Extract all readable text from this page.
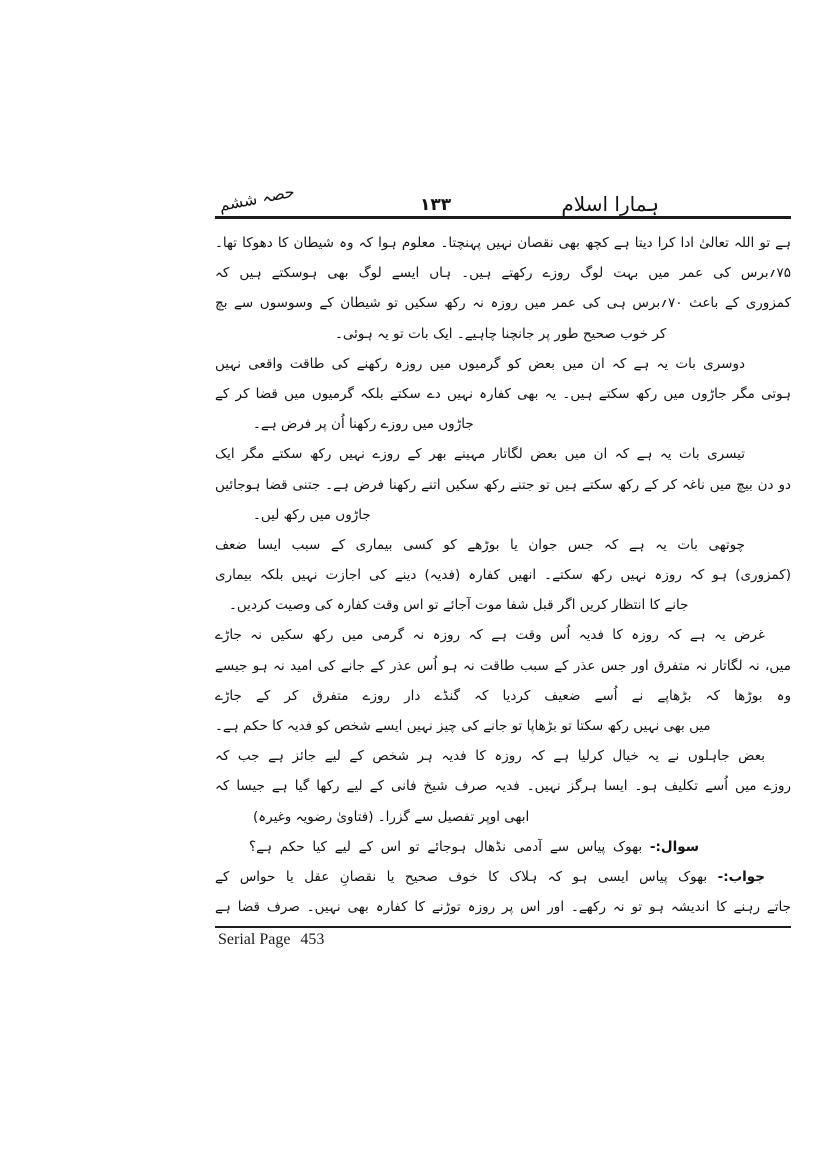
حصہ ششم	۱۳۳	ہمارا اسلام
ہے تو اللہ تعالیٰ ادا کرا دیتا ہے کچھ بھی نقصان نہیں پہنچتا۔ معلوم ہوا کہ وہ شیطان کا دھوکا تھا۔
۷۵؍برس کی عمر میں بہت لوگ روزے رکھتے ہیں۔ ہاں ایسے لوگ بھی ہوسکتے ہیں کہ
کمزوری کے باعث ۷۰؍برس ہی کی عمر میں روزہ نہ رکھ سکیں تو شیطان کے وسوسوں سے بچ
کر خوب صحیح طور پر جانچنا چاہیے۔ ایک بات تو یہ ہوئی۔
دوسری بات یہ ہے کہ ان میں بعض کو گرمیوں میں روزہ رکھنے کی طاقت واقعی نہیں
ہوتی مگر جاڑوں میں رکھ سکتے ہیں۔ یہ بھی کفارہ نہیں دے سکتے بلکہ گرمیوں میں قضا کر کے
جاڑوں میں روزے رکھنا اُن پر فرض ہے۔
تیسری بات یہ ہے کہ ان میں بعض لگاتار مہینے بھر کے روزے نہیں رکھ سکتے مگر ایک
دو دن بیچ میں ناغہ کر کے رکھ سکتے ہیں تو جتنے رکھ سکیں اتنے رکھنا فرض ہے۔ جتنی قضا ہوجائیں
جاڑوں میں رکھ لیں۔
چوتھی بات یہ ہے کہ جس جوان یا بوڑھے کو کسی بیماری کے سبب ایسا ضعف
(کمزوری) ہو کہ روزہ نہیں رکھ سکتے۔ انھیں کفارہ (فدیہ) دینے کی اجازت نہیں بلکہ بیماری
جانے کا انتظار کریں اگر قبل شفا موت آجائے تو اس وقت کفارہ کی وصیت کردیں۔
غرض یہ ہے کہ روزہ کا فدیہ اُس وقت ہے کہ روزہ نہ گرمی میں رکھ سکیں نہ جاڑے
میں، نہ لگاتار نہ متفرق اور جس عذر کے سبب طاقت نہ ہو اُس عذر کے جانے کی امید نہ ہو جیسے
وہ بوڑھا کہ بڑھاپے نے اُسے ضعیف کردیا کہ گنڈے دار روزے متفرق کر کے جاڑے
میں بھی نہیں رکھ سکتا تو بڑھاپا تو جانے کی چیز نہیں ایسے شخص کو فدیہ کا حکم ہے۔
بعض جاہلوں نے یہ خیال کرلیا ہے کہ روزہ کا فدیہ ہر شخص کے لیے جائز ہے جب کہ
روزے میں اُسے تکلیف ہو۔ ایسا ہرگز نہیں۔ فدیہ صرف شیخ فانی کے لیے رکھا گیا ہے جیسا کہ
ابھی اوپر تفصیل سے گزرا۔ (فتاویٰ رضویہ وغیرہ)
سوال:- بھوک پیاس سے آدمی نڈھال ہوجائے تو اس کے لیے کیا حکم ہے؟
جواب:- بھوک پیاس ایسی ہو کہ ہلاک کا خوف صحیح یا نقصانِ عقل یا حواس کے
جاتے رہنے کا اندیشہ ہو تو نہ رکھے۔ اور اس پر روزہ توڑنے کا کفارہ بھی نہیں۔ صرف قضا ہے
Serial Page 453
